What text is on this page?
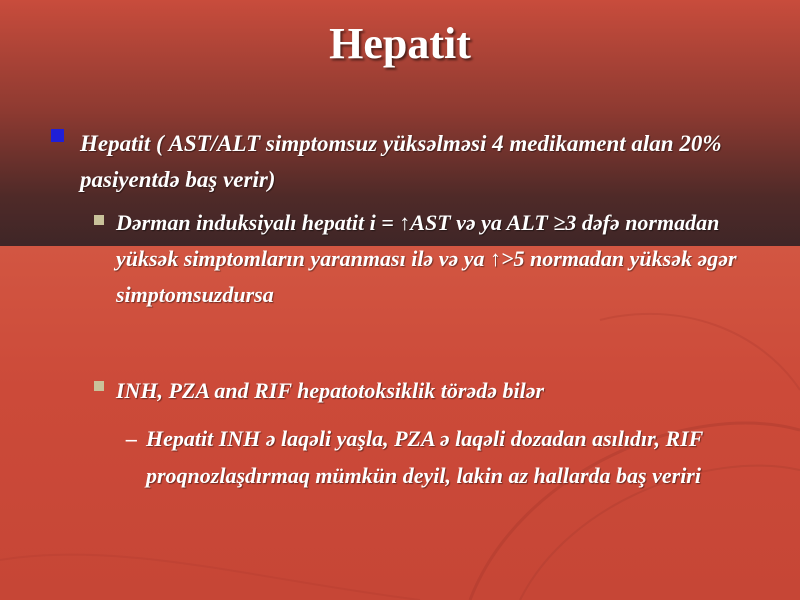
Hepatit
Hepatit ( AST/ALT simptomsuz yüksəlməsi 4 medikament alan 20% pasiyentdə baş verir)
Dərman induksiyalı hepatit i = ↑AST və ya ALT ≥3 dəfə normadan yüksək simptomların yaranması ilə və ya ↑>5 normadan yüksək əgər simptomsuzdursa
INH, PZA and RIF hepatotoksiklik törədə bilər
– Hepatit INH ə laqəli yaşla, PZA ə laqəli dozadan asılıdır, RIF proqnozlaşdırmaq mümkün deyil, lakin az hallarda baş veriri
